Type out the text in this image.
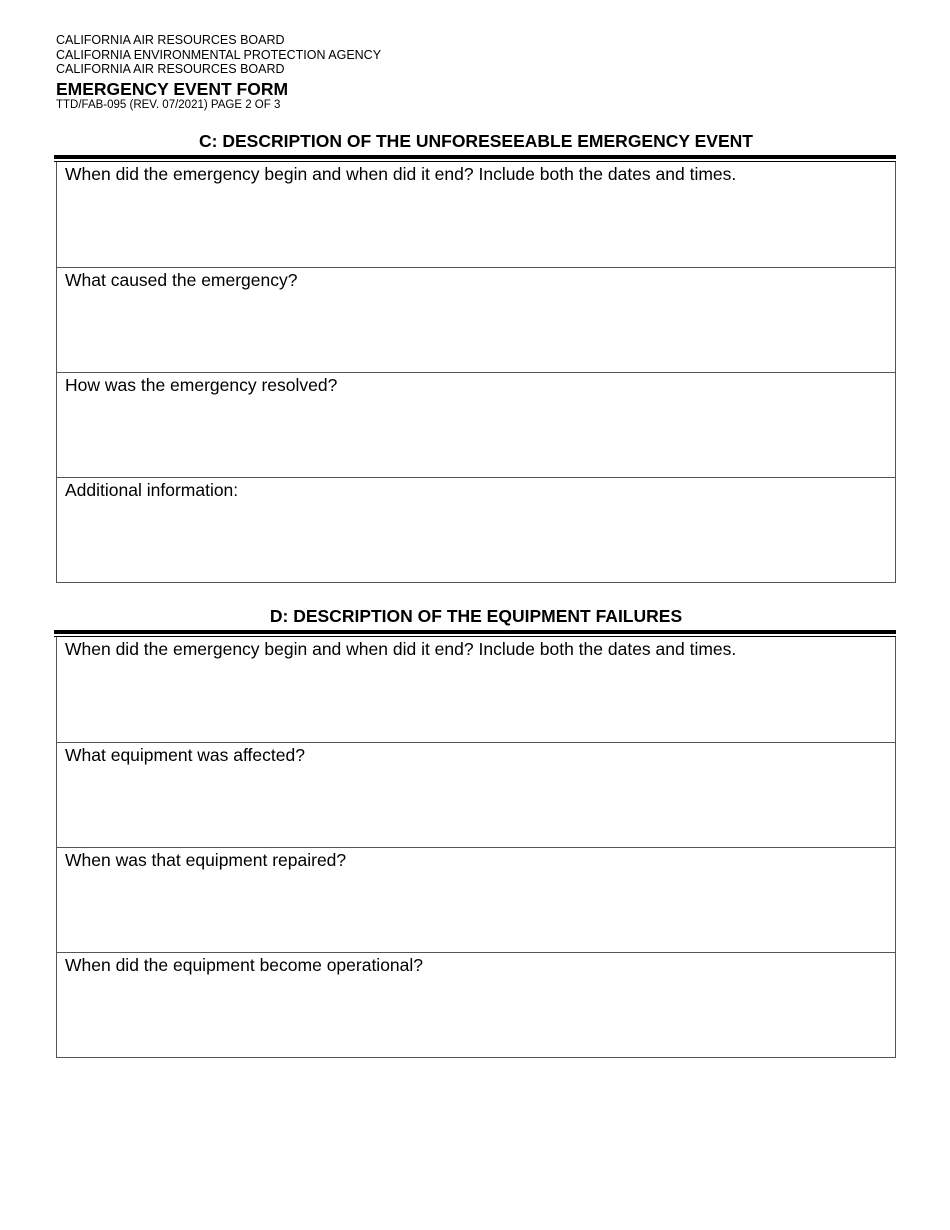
CALIFORNIA AIR RESOURCES BOARD
CALIFORNIA ENVIRONMENTAL PROTECTION AGENCY
CALIFORNIA AIR RESOURCES BOARD
EMERGENCY EVENT FORM
TTD/FAB-095 (REV. 07/2021) PAGE 2 OF 3
C: DESCRIPTION OF THE UNFORESEEABLE EMERGENCY EVENT
When did the emergency begin and when did it end? Include both the dates and times.
What caused the emergency?
How was the emergency resolved?
Additional information:
D: DESCRIPTION OF THE EQUIPMENT FAILURES
When did the emergency begin and when did it end? Include both the dates and times.
What equipment was affected?
When was that equipment repaired?
When did the equipment become operational?
